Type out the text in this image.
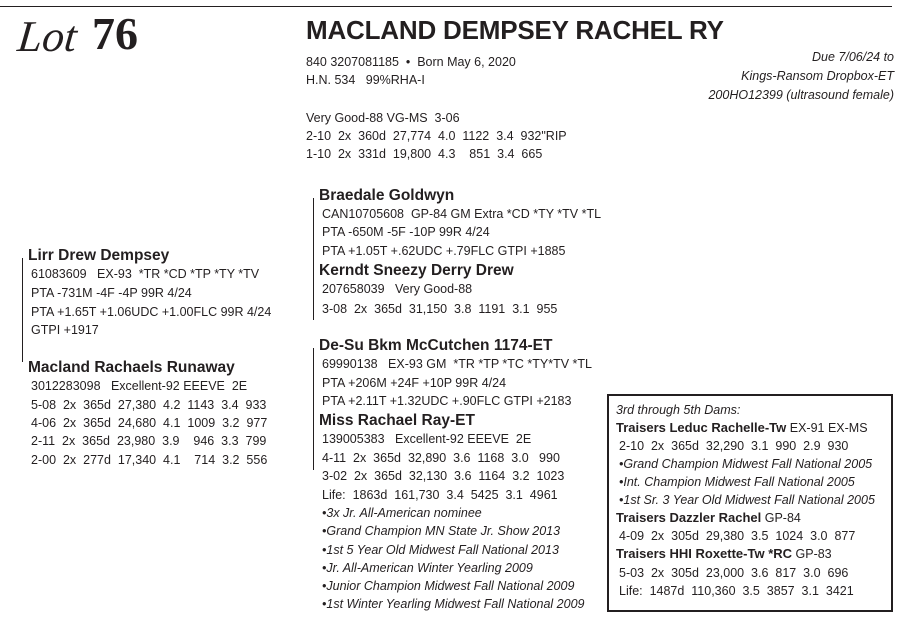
Lot 76	MACLAND DEMPSEY RACHEL RY
840 3207081185  •  Born May 6, 2020
H.N. 534   99%RHA-I
Due 7/06/24 to
Kings-Ransom Dropbox-ET
200HO12399 (ultrasound female)
Very Good-88 VG-MS  3-06
2-10  2x  360d  27,774  4.0  1122  3.4  932"RIP
1-10  2x  331d  19,800  4.3    851  3.4  665
Lirr Drew Dempsey
61083609   EX-93  *TR *CD *TP *TY *TV
PTA -731M -4F -4P 99R 4/24
PTA +1.65T +1.06UDC +1.00FLC 99R 4/24
GTPI +1917
Macland Rachaels Runaway
3012283098   Excellent-92 EEEVE  2E
5-08  2x  365d  27,380  4.2  1143  3.4  933
4-06  2x  365d  24,680  4.1  1009  3.2  977
2-11  2x  365d  23,980  3.9    946  3.3  799
2-00  2x  277d  17,340  4.1    714  3.2  556
Braedale Goldwyn
CAN10705608  GP-84 GM Extra *CD *TY *TV *TL
PTA -650M -5F -10P 99R 4/24
PTA +1.05T +.62UDC +.79FLC GTPI +1885
Kerndt Sneezy Derry Drew
207658039   Very Good-88
3-08  2x  365d  31,150  3.8  1191  3.1  955
De-Su Bkm McCutchen 1174-ET
69990138   EX-93 GM  *TR *TP *TC *TY*TV *TL
PTA +206M +24F +10P 99R 4/24
PTA +2.11T +1.32UDC +.90FLC GTPI +2183
Miss Rachael Ray-ET
139005383   Excellent-92 EEEVE  2E
4-11  2x  365d  32,890  3.6  1168  3.0   990
3-02  2x  365d  32,130  3.6  1164  3.2  1023
Life:  1863d  161,730  3.4  5425  3.1  4961
•3x Jr. All-American nominee
•Grand Champion MN State Jr. Show 2013
•1st 5 Year Old Midwest Fall National 2013
•Jr. All-American Winter Yearling 2009
•Junior Champion Midwest Fall National 2009
•1st Winter Yearling Midwest Fall National 2009
3rd through 5th Dams:
Traisers Leduc Rachelle-Tw EX-91 EX-MS
2-10  2x  365d  32,290  3.1  990  2.9  930
•Grand Champion Midwest Fall National 2005
•Int. Champion Midwest Fall National 2005
•1st Sr. 3 Year Old Midwest Fall National 2005
Traisers Dazzler Rachel GP-84
4-09  2x  305d  29,380  3.5  1024  3.0  877
Traisers HHI Roxette-Tw *RC GP-83
5-03  2x  305d  23,000  3.6  817  3.0  696
Life:  1487d  110,360  3.5  3857  3.1  3421
